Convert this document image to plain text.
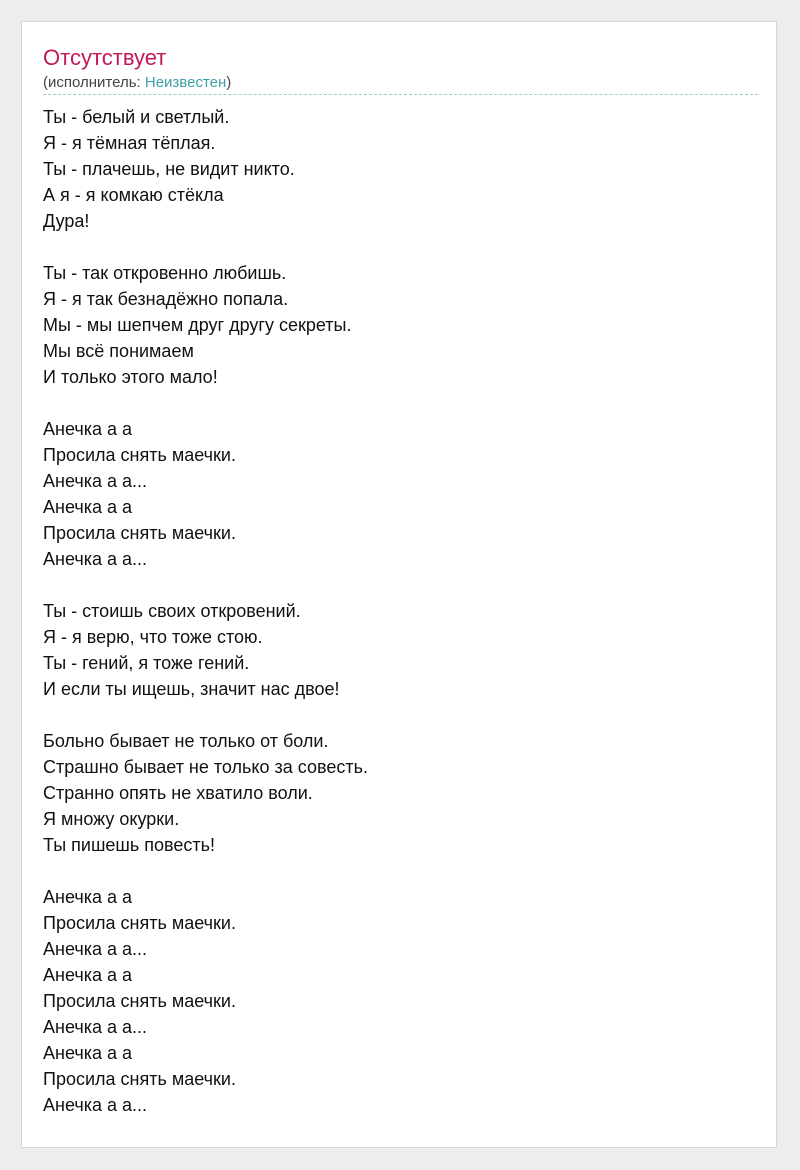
Отсутствует
(исполнитель: Неизвестен)
Ты - белый и светлый.
Я - я тёмная тёплая.
Ты - плачешь, не видит никто.
А я - я комкаю стёкла
Дура!
Ты - так откровенно любишь.
Я - я так безнадёжно попала.
Мы - мы шепчем друг другу секреты.
Мы всё понимаем
И только этого мало!
Анечка а а
Просила снять маечки.
Анечка а а...
Анечка а а
Просила снять маечки.
Анечка а а...
Ты - стоишь своих откровений.
Я - я верю, что тоже стою.
Ты - гений, я тоже гений.
И если ты ищешь, значит нас двое!
Больно бывает не только от боли.
Страшно бывает не только за совесть.
Странно опять не хватило воли.
Я множу окурки.
Ты пишешь повесть!
Анечка а а
Просила снять маечки.
Анечка а а...
Анечка а а
Просила снять маечки.
Анечка а а...
Анечка а а
Просила снять маечки.
Анечка а а...
